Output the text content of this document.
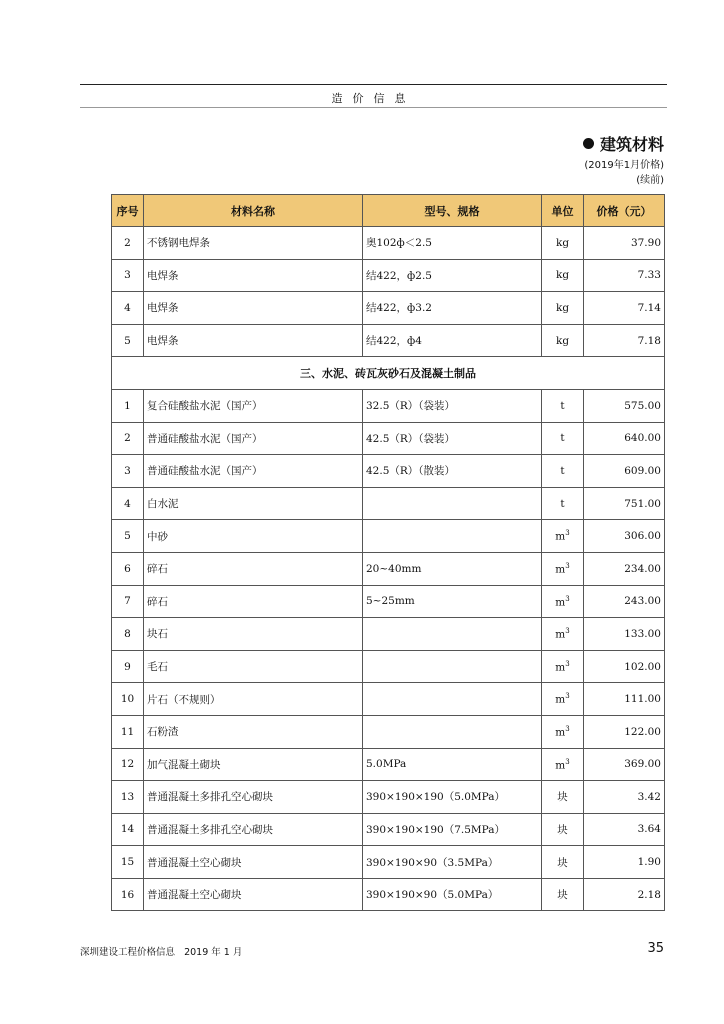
造价信息
建筑材料
(2019年1月价格)
(续前)
序号	材料名称	型号、规格	单位	价格（元）
2	不锈钢电焊条	奥102ф＜2.5	kg	37.90
3	电焊条	结422，ф2.5	kg	7.33
4	电焊条	结422，ф3.2	kg	7.14
5	电焊条	结422，ф4	kg	7.18
三、水泥、砖瓦灰砂石及混凝土制品				
1	复合硅酸盐水泥（国产）	32.5（R）（袋装）	t	575.00
2	普通硅酸盐水泥（国产）	42.5（R）（袋装）	t	640.00
3	普通硅酸盐水泥（国产）	42.5（R）（散装）	t	609.00
4	白水泥		t	751.00
5	中砂		$m^3$	306.00
6	碎石	20~40mm	$m^3$	234.00
7	碎石	5~25mm	$m^3$	243.00
8	块石		$m^3$	133.00
9	毛石		$m^3$	102.00
10	片石（不规则）		$m^3$	111.00
11	石粉渣		$m^3$	122.00
12	加气混凝土砌块	5.0MPa	$m^3$	369.00
13	普通混凝土多排孔空心砌块	390×190×190（5.0MPa）	块	3.42
14	普通混凝土多排孔空心砌块	390×190×190（7.5MPa）	块	3.64
15	普通混凝土空心砌块	390×190×90（3.5MPa）	块	1.90
16	普通混凝土空心砌块	390×190×90（5.0MPa）	块	2.18
深圳建设工程价格信息 2019 年 1 月	35
